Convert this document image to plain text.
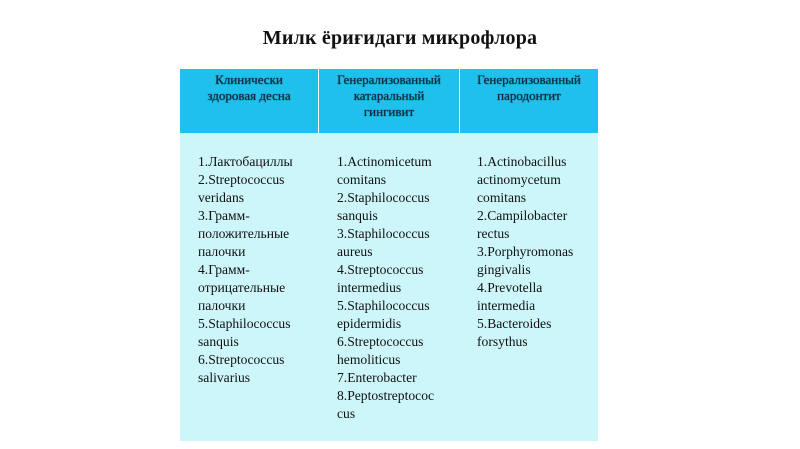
Милк ёриғидаги микрофлора
Клинически
здоровая десна
Генерализованный
катаральный
гингивит
Генерализованный
пародонтит
1.Лактобациллы
2.Streptococcus
veridans
3.Грамм-
положительные
палочки
4.Грамм-
отрицательные
палочки
5.Staphilococcus
sanquis
6.Streptococcus
salivarius
1.Actinomicetum
comitans
2.Staphilococcus
sanquis
3.Staphilococcus
aureus
4.Streptococcus
intermedius
5.Staphilococcus
epidermidis
6.Streptococcus
hemoliticus
7.Enterobacter
8.Peptostreptococ
cus
1.Actinobacillus
actinomycetum
comitans
2.Campilobacter
rectus
3.Porphyromonas
gingivalis
4.Prevotella
intermedia
5.Bacteroides
forsythus
